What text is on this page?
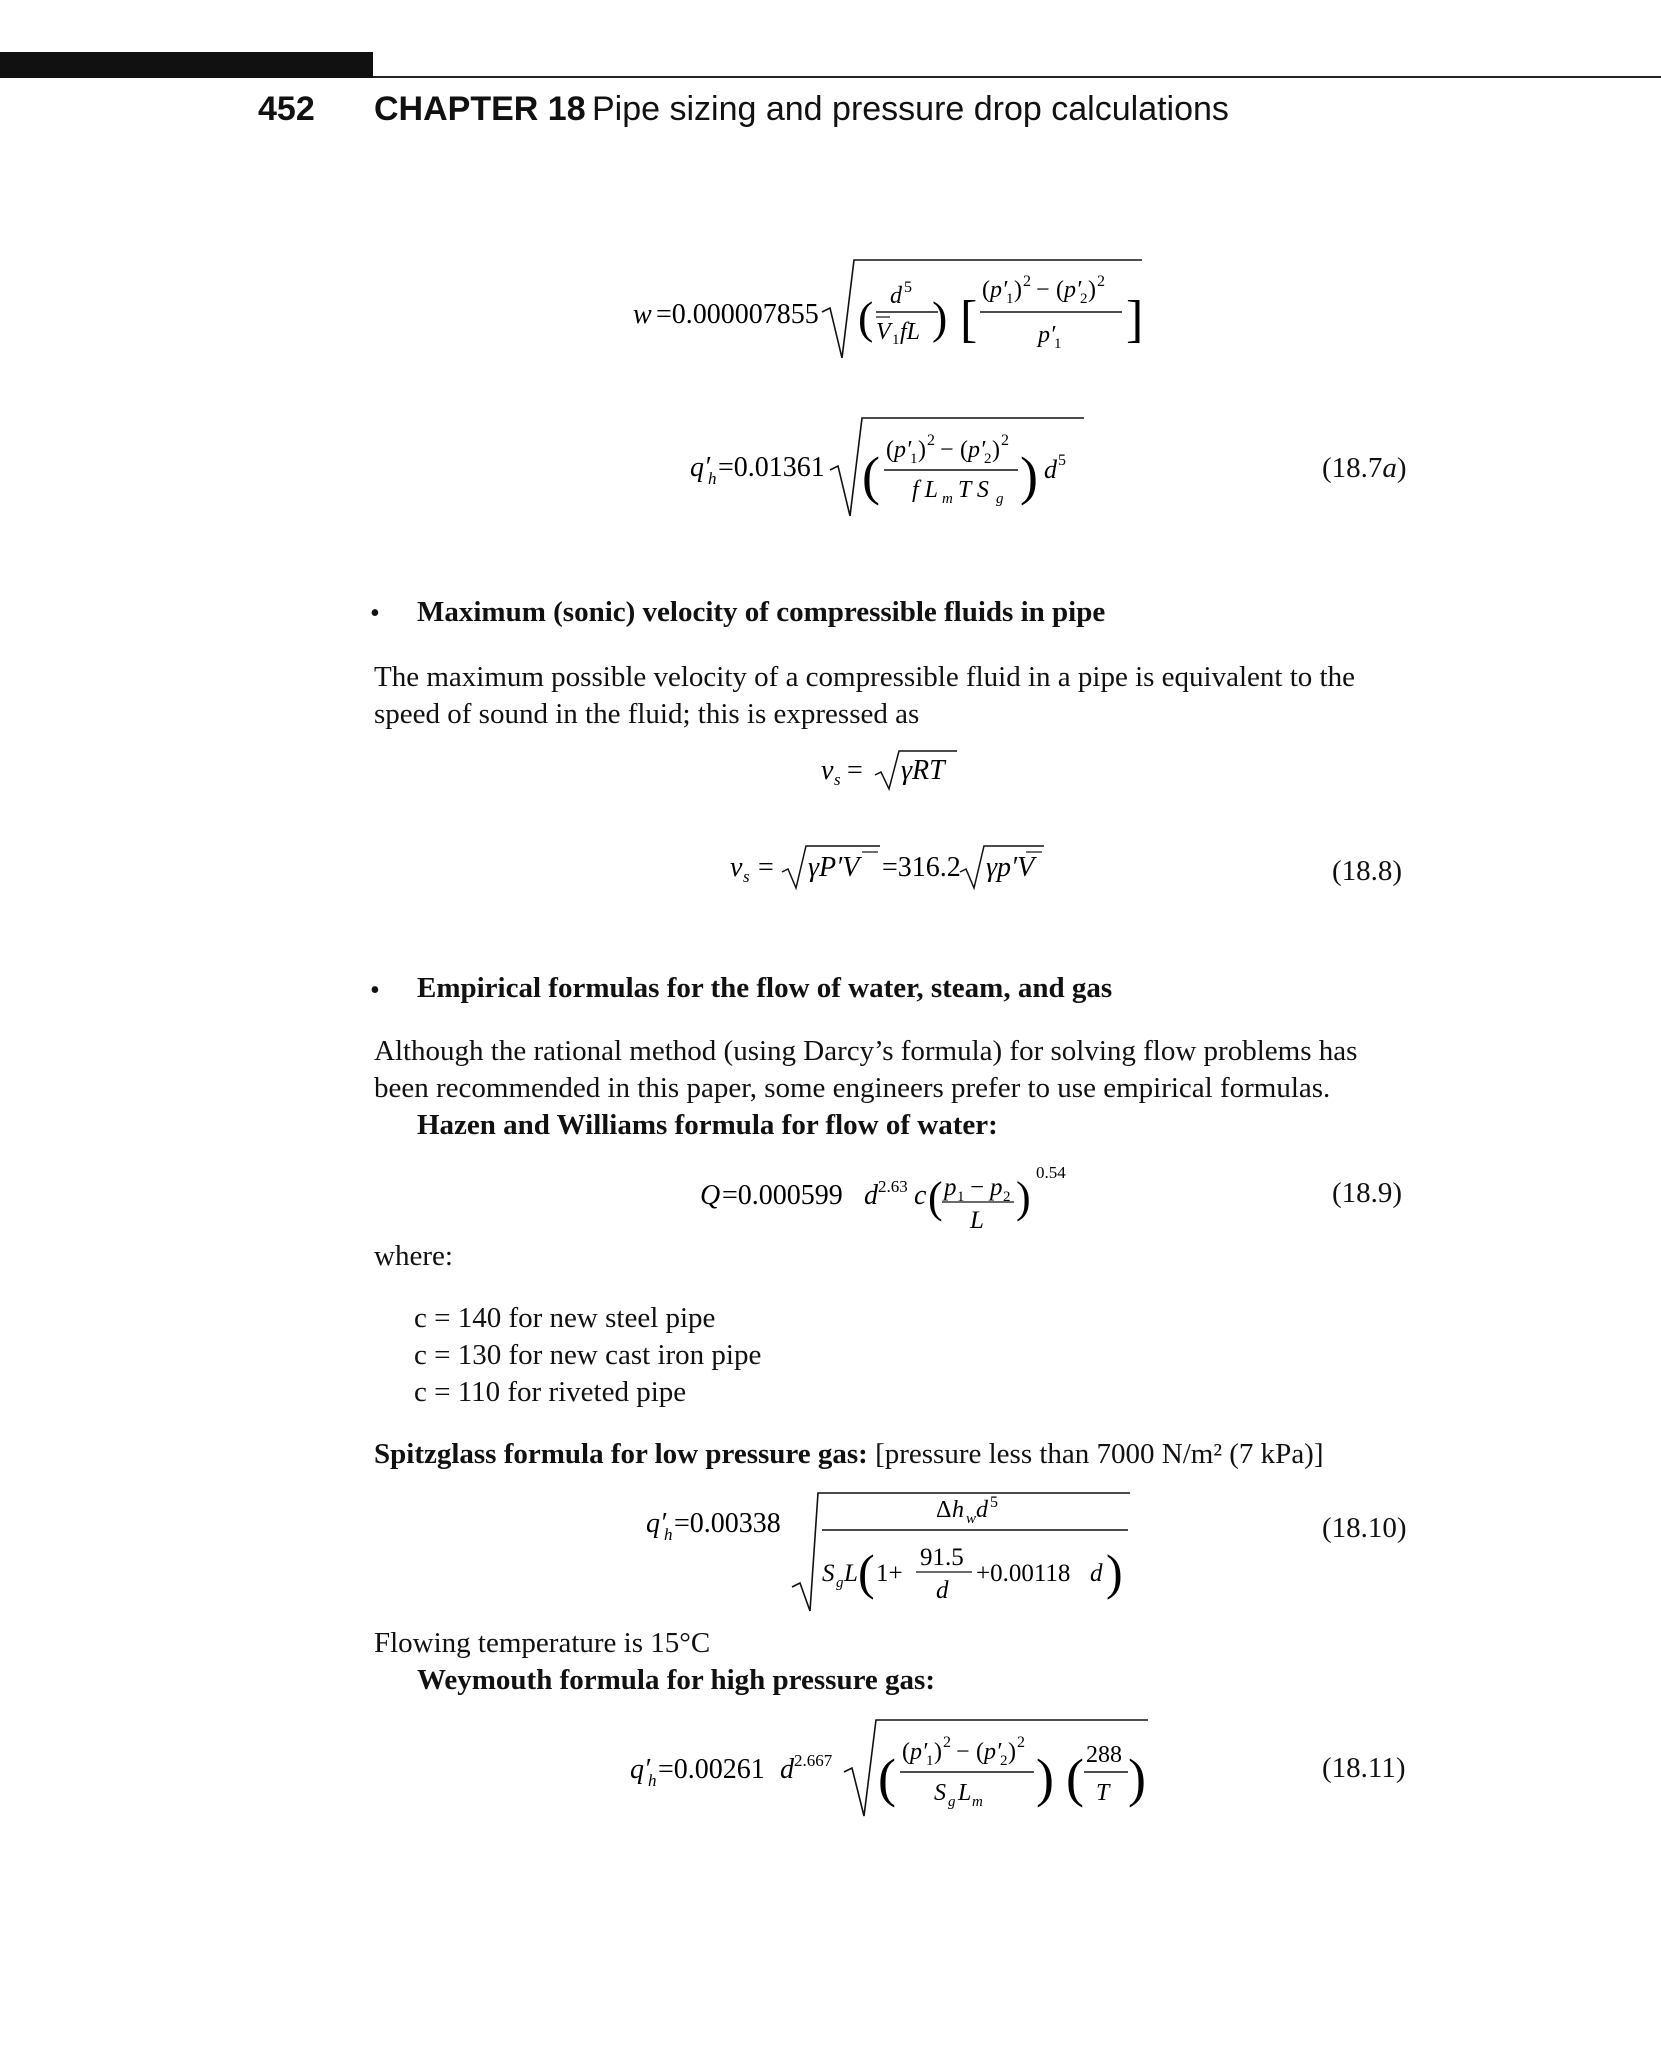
452 CHAPTER 18 Pipe sizing and pressure drop calculations
w =0.000007855 ( d 5
V 1 fL ) [
( p′
1 ) 2 − ( p′
2 ) 2
p′
1 ]
q′
h =0.01361 ( ( p′
1 ) 2 − ( p′
2 ) 2
f L m T S g ) d 5	(18.7a)
• Maximum (sonic) velocity of compressible fluids in pipe
The maximum possible velocity of a compressible fluid in a pipe is equivalent to the
speed of sound in the fluid; this is expressed as
v s = γRT
v s = γP′V =316.2 γp′V	(18.8)
• Empirical formulas for the flow of water, steam, and gas
Although the rational method (using Darcy’s formula) for solving flow problems has
been recommended in this paper, some engineers prefer to use empirical formulas.
Hazen and Williams formula for flow of water:
Q =0.000599 d 2.63 c ( p 1 − p 2
L )
0.54
(18.9)
where:
c = 140 for new steel pipe
c = 130 for new cast iron pipe
c = 110 for riveted pipe
Spitzglass formula for low pressure gas: [pressure less than 7000 N/m² (7 kPa)]
q′
h =0.00338	Δ h w d 5
S g L ( 1+
91.5
d
+0.00118 d )
(18.10)
Flowing temperature is 15°C
Weymouth formula for high pressure gas:
q′
h =0.00261 d 2.667 ( ( p′
1 ) 2 − ( p′
2 ) 2
S g L m ) ( 288
T )	(18.11)
